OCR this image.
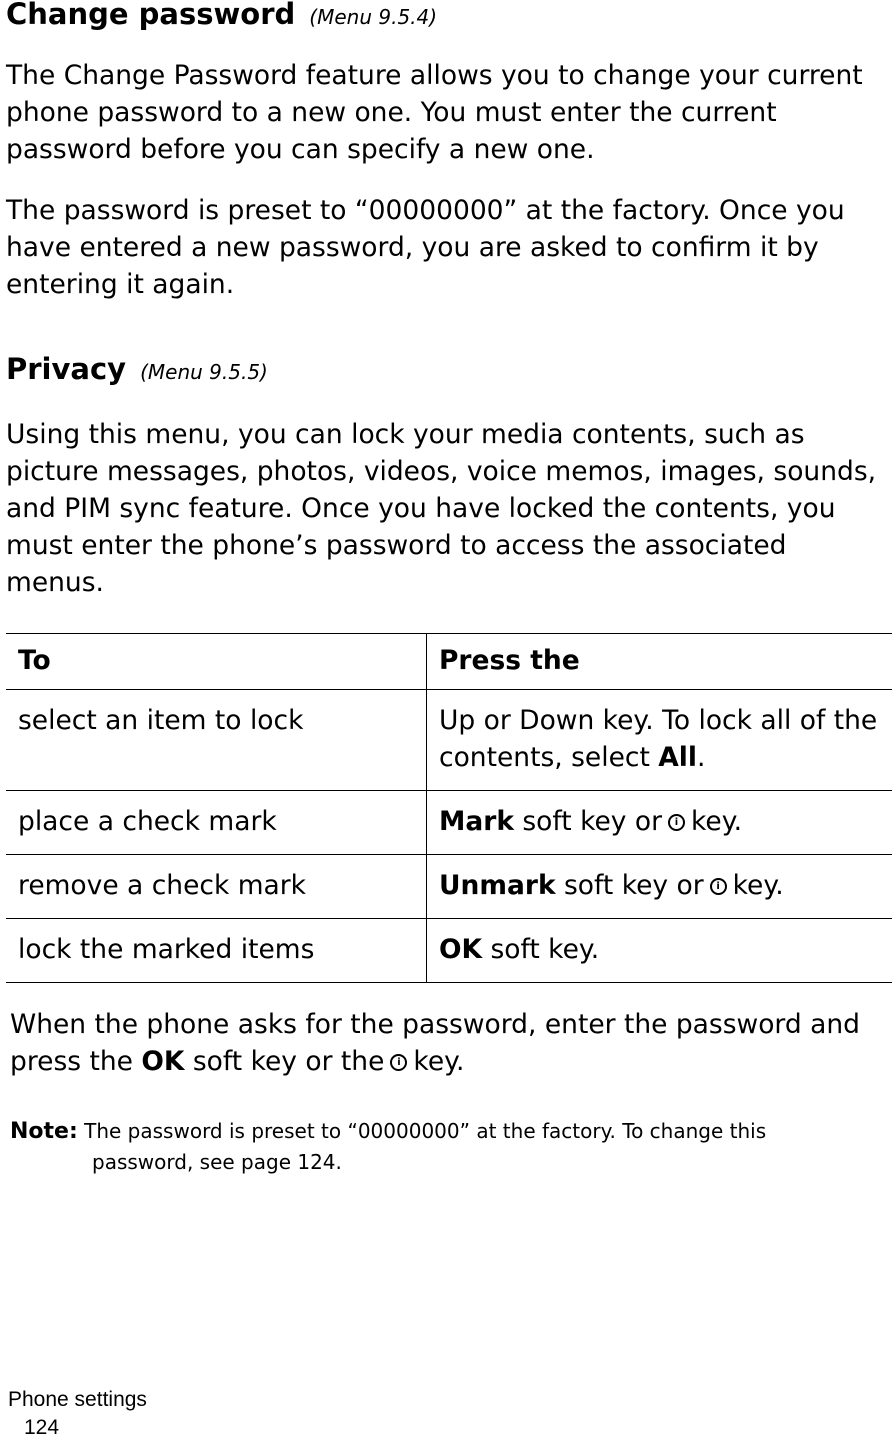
Change password (Menu 9.5.4)

The Change Password feature allows you to change your current phone password to a new one. You must enter the current password before you can specify a new one.

The password is preset to “00000000” at the factory. Once you have entered a new password, you are asked to confirm it by entering it again.

Privacy (Menu 9.5.5)

Using this menu, you can lock your media contents, such as picture messages, photos, videos, voice memos, images, sounds, and PIM sync feature. Once you have locked the contents, you must enter the phone’s password to access the associated menus.

To	Press the
select an item to lock	Up or Down key. To lock all of the contents, select All.
place a check mark	Mark soft key or i key.
remove a check mark	Unmark soft key or i key.
lock the marked items	OK soft key.

When the phone asks for the password, enter the password and press the OK soft key or the i key.

Note: The password is preset to “00000000” at the factory. To change this
password, see page 124.

Phone settings
124
